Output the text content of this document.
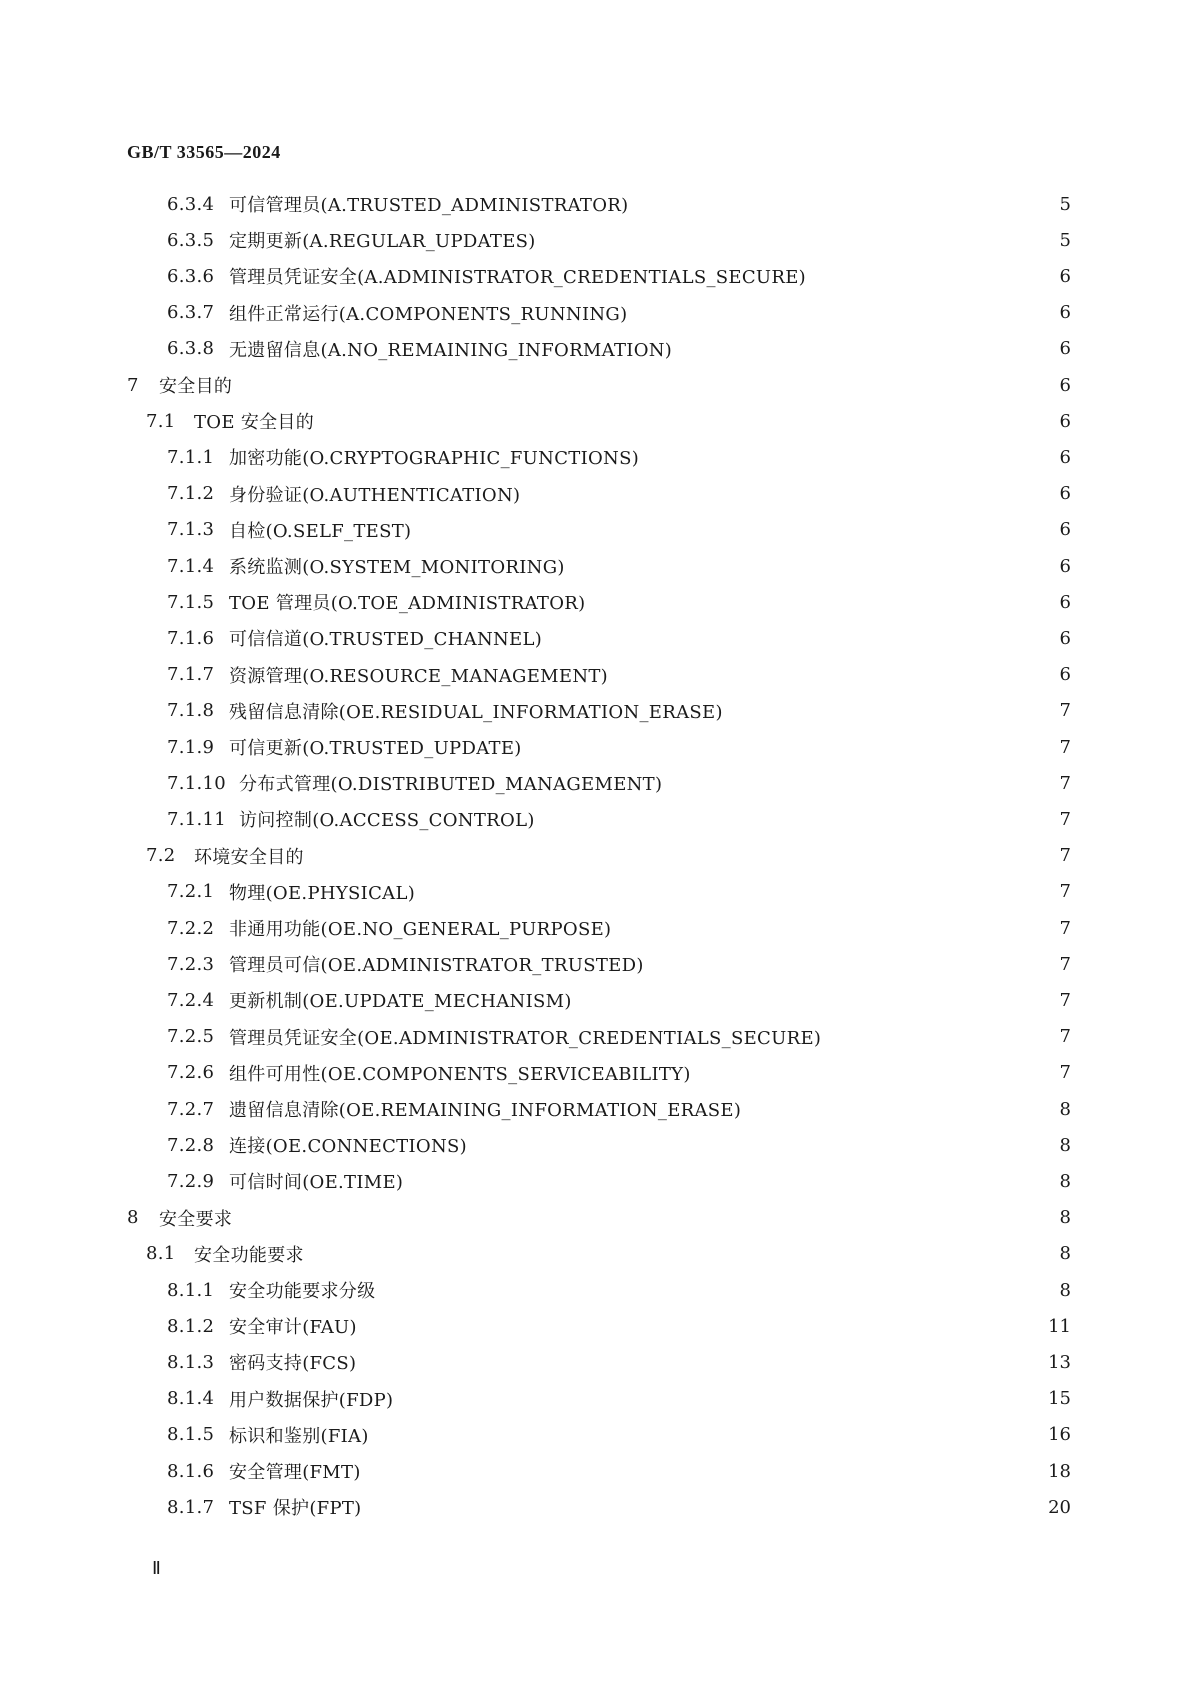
GB/T 33565—2024
6.3.4 可信管理员(A.TRUSTED_ADMINISTRATOR)	5
6.3.5 定期更新(A.REGULAR_UPDATES)	5
6.3.6 管理员凭证安全(A.ADMINISTRATOR_CREDENTIALS_SECURE)	6
6.3.7 组件正常运行(A.COMPONENTS_RUNNING)	6
6.3.8 无遗留信息(A.NO_REMAINING_INFORMATION)	6
7	安全目的	6
7.1	TOE 安全目的	6
7.1.1 加密功能(O.CRYPTOGRAPHIC_FUNCTIONS)	6
7.1.2 身份验证(O.AUTHENTICATION)	6
7.1.3 自检(O.SELF_TEST)	6
7.1.4 系统监测(O.SYSTEM_MONITORING)	6
7.1.5 TOE 管理员(O.TOE_ADMINISTRATOR)	6
7.1.6 可信信道(O.TRUSTED_CHANNEL)	6
7.1.7 资源管理(O.RESOURCE_MANAGEMENT)	6
7.1.8 残留信息清除(OE.RESIDUAL_INFORMATION_ERASE)	7
7.1.9 可信更新(O.TRUSTED_UPDATE)	7
7.1.10 分布式管理(O.DISTRIBUTED_MANAGEMENT)	7
7.1.11 访问控制(O.ACCESS_CONTROL)	7
7.2	环境安全目的	7
7.2.1 物理(OE.PHYSICAL)	7
7.2.2 非通用功能(OE.NO_GENERAL_PURPOSE)	7
7.2.3 管理员可信(OE.ADMINISTRATOR_TRUSTED)	7
7.2.4 更新机制(OE.UPDATE_MECHANISM)	7
7.2.5 管理员凭证安全(OE.ADMINISTRATOR_CREDENTIALS_SECURE)	7
7.2.6 组件可用性(OE.COMPONENTS_SERVICEABILITY)	7
7.2.7 遗留信息清除(OE.REMAINING_INFORMATION_ERASE)	8
7.2.8 连接(OE.CONNECTIONS)	8
7.2.9 可信时间(OE.TIME)	8
8	安全要求	8
8.1	安全功能要求	8
8.1.1 安全功能要求分级	8
8.1.2 安全审计(FAU)	11
8.1.3 密码支持(FCS)	13
8.1.4 用户数据保护(FDP)	15
8.1.5 标识和鉴别(FIA)	16
8.1.6 安全管理(FMT)	18
8.1.7 TSF 保护(FPT)	20
Ⅱ
